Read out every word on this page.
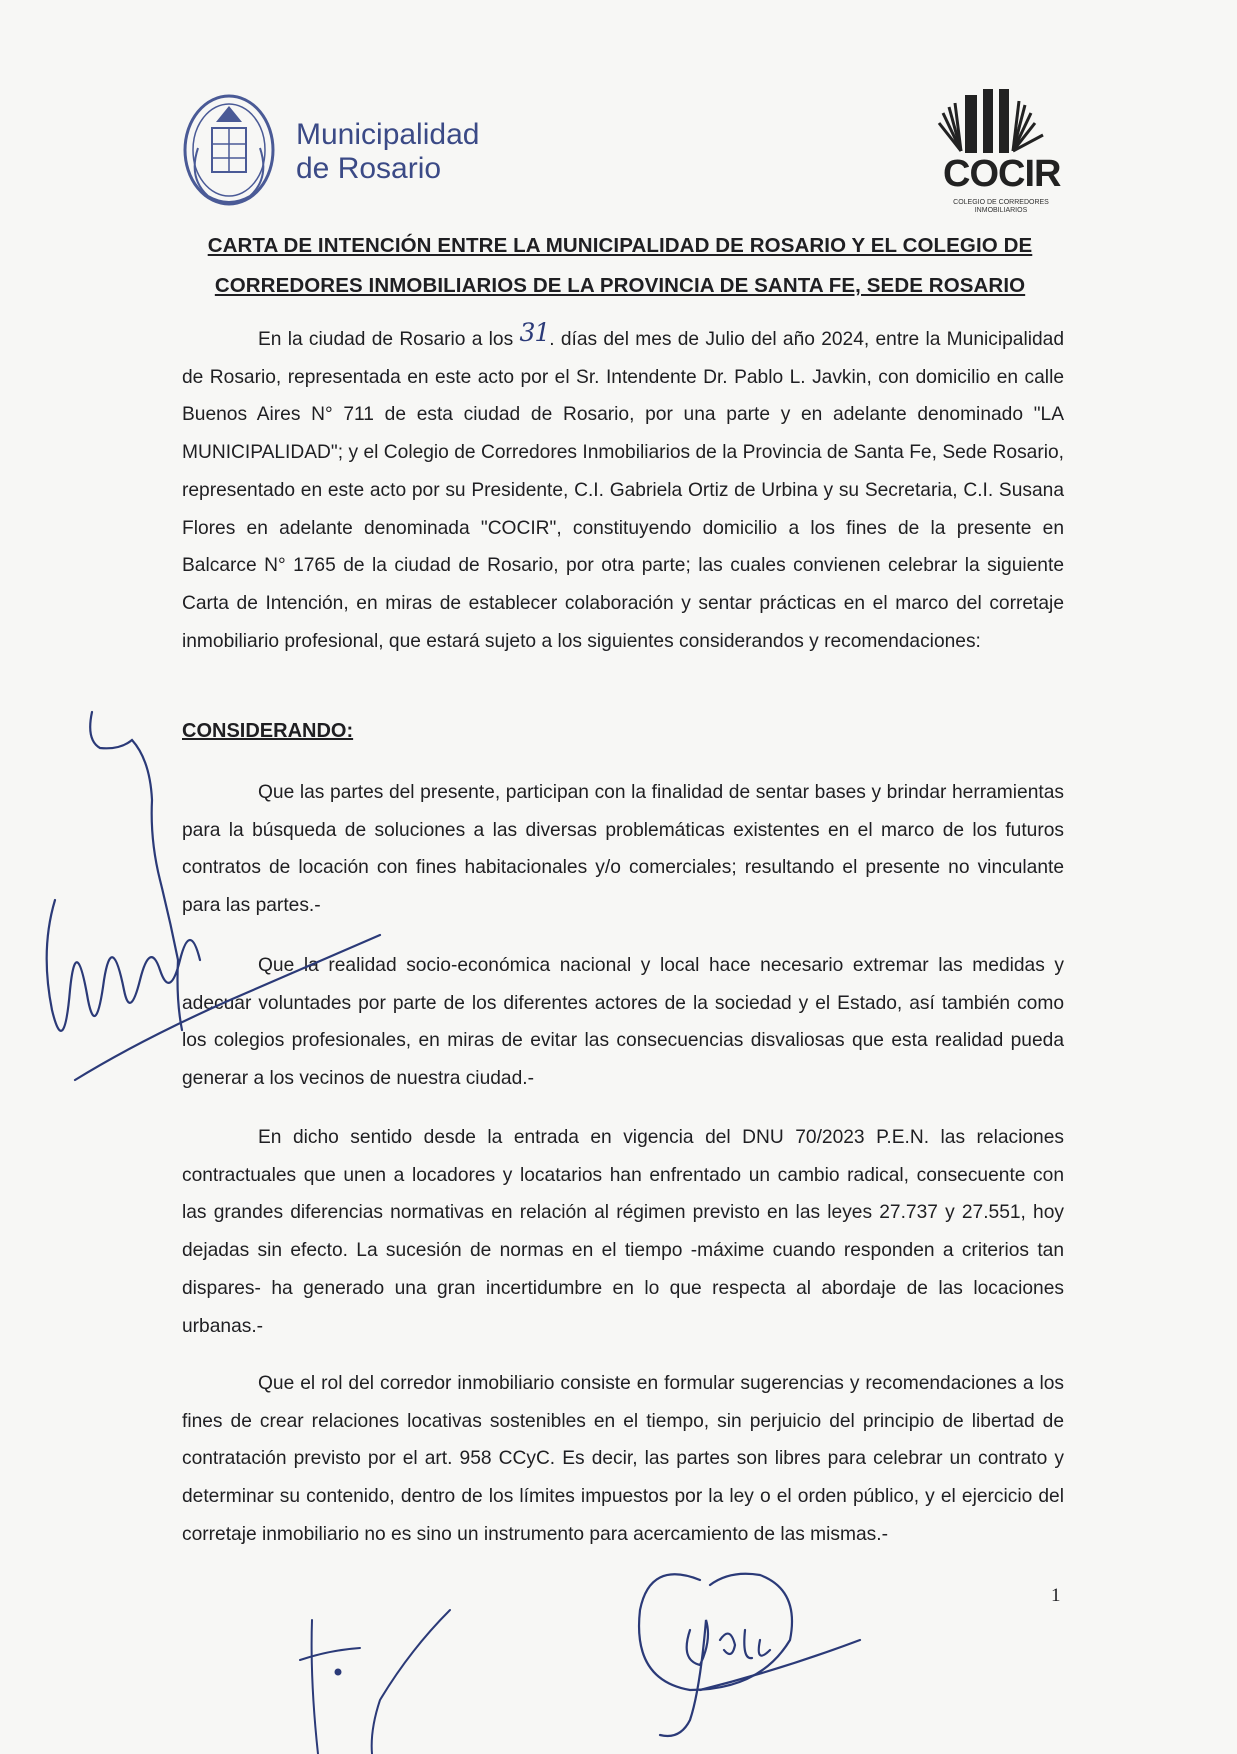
Municipalidad
de Rosario	COCIR
COLEGIO DE CORREDORES INMOBILIARIOS
CARTA DE INTENCIÓN ENTRE LA MUNICIPALIDAD DE ROSARIO Y EL COLEGIO DE
CORREDORES INMOBILIARIOS DE LA PROVINCIA DE SANTA FE, SEDE ROSARIO
En la ciudad de Rosario a los 31. días del mes de Julio del año 2024, entre la Municipalidad de Rosario, representada en este acto por el Sr. Intendente Dr. Pablo L. Javkin, con domicilio en calle Buenos Aires N° 711 de esta ciudad de Rosario, por una parte y en adelante denominado "LA MUNICIPALIDAD"; y el Colegio de Corredores Inmobiliarios de la Provincia de Santa Fe, Sede Rosario, representado en este acto por su Presidente, C.I. Gabriela Ortiz de Urbina y su Secretaria, C.I. Susana Flores en adelante denominada "COCIR", constituyendo domicilio a los fines de la presente en Balcarce N° 1765 de la ciudad de Rosario, por otra parte; las cuales convienen celebrar la siguiente Carta de Intención, en miras de establecer colaboración y sentar prácticas en el marco del corretaje inmobiliario profesional, que estará sujeto a los siguientes considerandos y recomendaciones:
CONSIDERANDO:
Que las partes del presente, participan con la finalidad de sentar bases y brindar herramientas para la búsqueda de soluciones a las diversas problemáticas existentes en el marco de los futuros contratos de locación con fines habitacionales y/o comerciales; resultando el presente no vinculante para las partes.-
Que la realidad socio-económica nacional y local hace necesario extremar las medidas y adecuar voluntades por parte de los diferentes actores de la sociedad y el Estado, así también como los colegios profesionales, en miras de evitar las consecuencias disvaliosas que esta realidad pueda generar a los vecinos de nuestra ciudad.-
En dicho sentido desde la entrada en vigencia del DNU 70/2023 P.E.N. las relaciones contractuales que unen a locadores y locatarios han enfrentado un cambio radical, consecuente con las grandes diferencias normativas en relación al régimen previsto en las leyes 27.737 y 27.551, hoy dejadas sin efecto. La sucesión de normas en el tiempo -máxime cuando responden a criterios tan dispares- ha generado una gran incertidumbre en lo que respecta al abordaje de las locaciones urbanas.-
Que el rol del corredor inmobiliario consiste en formular sugerencias y recomendaciones a los fines de crear relaciones locativas sostenibles en el tiempo, sin perjuicio del principio de libertad de contratación previsto por el art. 958 CCyC. Es decir, las partes son libres para celebrar un contrato y determinar su contenido, dentro de los límites impuestos por la ley o el orden público, y el ejercicio del corretaje inmobiliario no es sino un instrumento para acercamiento de las mismas.-
1
